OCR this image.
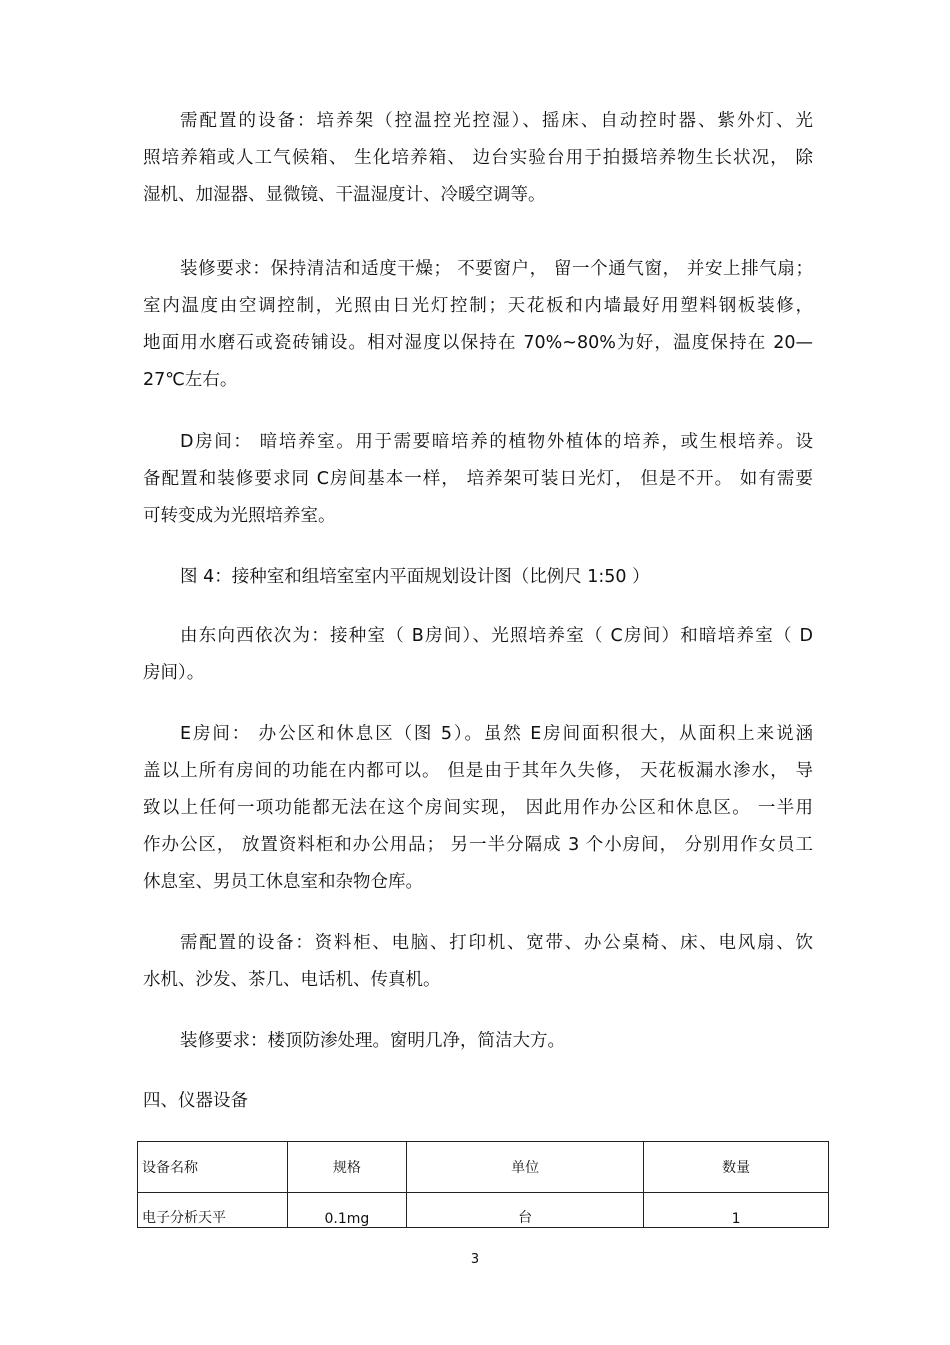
需配置的设备：培养架（控温控光控湿）、摇床、自动控时器、紫外灯、光
照培养箱或人工气候箱、 生化培养箱、 边台实验台用于拍摄培养物生长状况， 除
湿机、加湿器、显微镜、干温湿度计、冷暖空调等。

装修要求：保持清洁和适度干燥； 不要窗户， 留一个通气窗， 并安上排气扇；
室内温度由空调控制，光照由日光灯控制；天花板和内墙最好用塑料钢板装修，
地面用水磨石或瓷砖铺设。相对湿度以保持在 70%~80%为好，温度保持在 20—
27℃左右。

D房间： 暗培养室。用于需要暗培养的植物外植体的培养，或生根培养。设
备配置和装修要求同 C房间基本一样， 培养架可装日光灯， 但是不开。 如有需要
可转变成为光照培养室。

图 4：接种室和组培室室内平面规划设计图（比例尺 1:50 ）

由东向西依次为：接种室（ B房间）、光照培养室（ C房间）和暗培养室（ D
房间）。

E房间： 办公区和休息区（图 5）。虽然 E房间面积很大，从面积上来说涵
盖以上所有房间的功能在内都可以。 但是由于其年久失修， 天花板漏水渗水， 导
致以上任何一项功能都无法在这个房间实现， 因此用作办公区和休息区。 一半用
作办公区， 放置资料柜和办公用品； 另一半分隔成 3 个小房间， 分别用作女员工
休息室、男员工休息室和杂物仓库。

需配置的设备：资料柜、电脑、打印机、宽带、办公桌椅、床、电风扇、饮
水机、沙发、茶几、电话机、传真机。

装修要求：楼顶防渗处理。窗明几净，简洁大方。

四、仪器设备

设备名称	规格	单位	数量
电子分析天平	0.1mg	台	1
3
